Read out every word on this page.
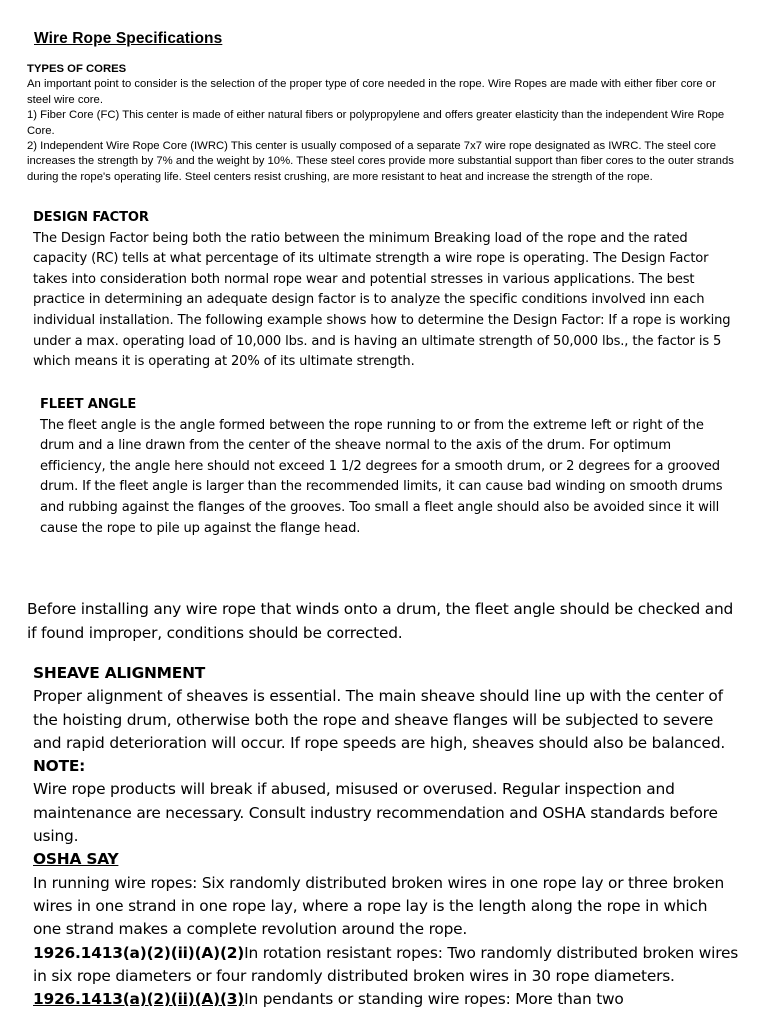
Wire Rope Specifications

TYPES OF CORES

An important point to consider is the selection of the proper type of core needed in the rope. Wire Ropes are made with either fiber core or steel wire core.

1) Fiber Core (FC) This center is made of either natural fibers or polypropylene and offers greater elasticity than the independent Wire Rope Core.

2) Independent Wire Rope Core (IWRC) This center is usually composed of a separate 7x7 wire rope designated as IWRC. The steel core increases the strength by 7% and the weight by 10%. These steel cores provide more substantial support than fiber cores to the outer strands during the rope's operating life. Steel centers resist crushing, are more resistant to heat and increase the strength of the rope.

DESIGN FACTOR

The Design Factor being both the ratio between the minimum Breaking load of the rope and the rated capacity (RC) tells at what percentage of its ultimate strength a wire rope is operating. The Design Factor takes into consideration both normal rope wear and potential stresses in various applications. The best practice in determining an adequate design factor is to analyze the specific conditions involved inn each individual installation. The following example shows how to determine the Design Factor: If a rope is working under a max. operating load of 10,000 lbs. and is having an ultimate strength of 50,000 lbs., the factor is 5 which means it is operating at 20% of its ultimate strength.

FLEET ANGLE

The fleet angle is the angle formed between the rope running to or from the extreme left or right of the drum and a line drawn from the center of the sheave normal to the axis of the drum. For optimum efficiency, the angle here should not exceed 1 1/2 degrees for a smooth drum, or 2 degrees for a grooved drum. If the fleet angle is larger than the recommended limits, it can cause bad winding on smooth drums and rubbing against the flanges of the grooves. Too small a fleet angle should also be avoided since it will cause the rope to pile up against the flange head.

Before installing any wire rope that winds onto a drum, the fleet angle should be checked and if found improper, conditions should be corrected.

SHEAVE ALIGNMENT

Proper alignment of sheaves is essential. The main sheave should line up with the center of the hoisting drum, otherwise both the rope and sheave flanges will be subjected to severe and rapid deterioration will occur. If rope speeds are high, sheaves should also be balanced.

NOTE:

Wire rope products will break if abused, misused or overused. Regular inspection and maintenance are necessary. Consult industry recommendation and OSHA standards before using.

OSHA SAY

In running wire ropes: Six randomly distributed broken wires in one rope lay or three broken wires in one strand in one rope lay, where a rope lay is the length along the rope in which one strand makes a complete revolution around the rope.

1926.1413(a)(2)(ii)(A)(2)In rotation resistant ropes: Two randomly distributed broken wires in six rope diameters or four randomly distributed broken wires in 30 rope diameters. 1926.1413(a)(2)(ii)(A)(3)In pendants or standing wire ropes: More than two
